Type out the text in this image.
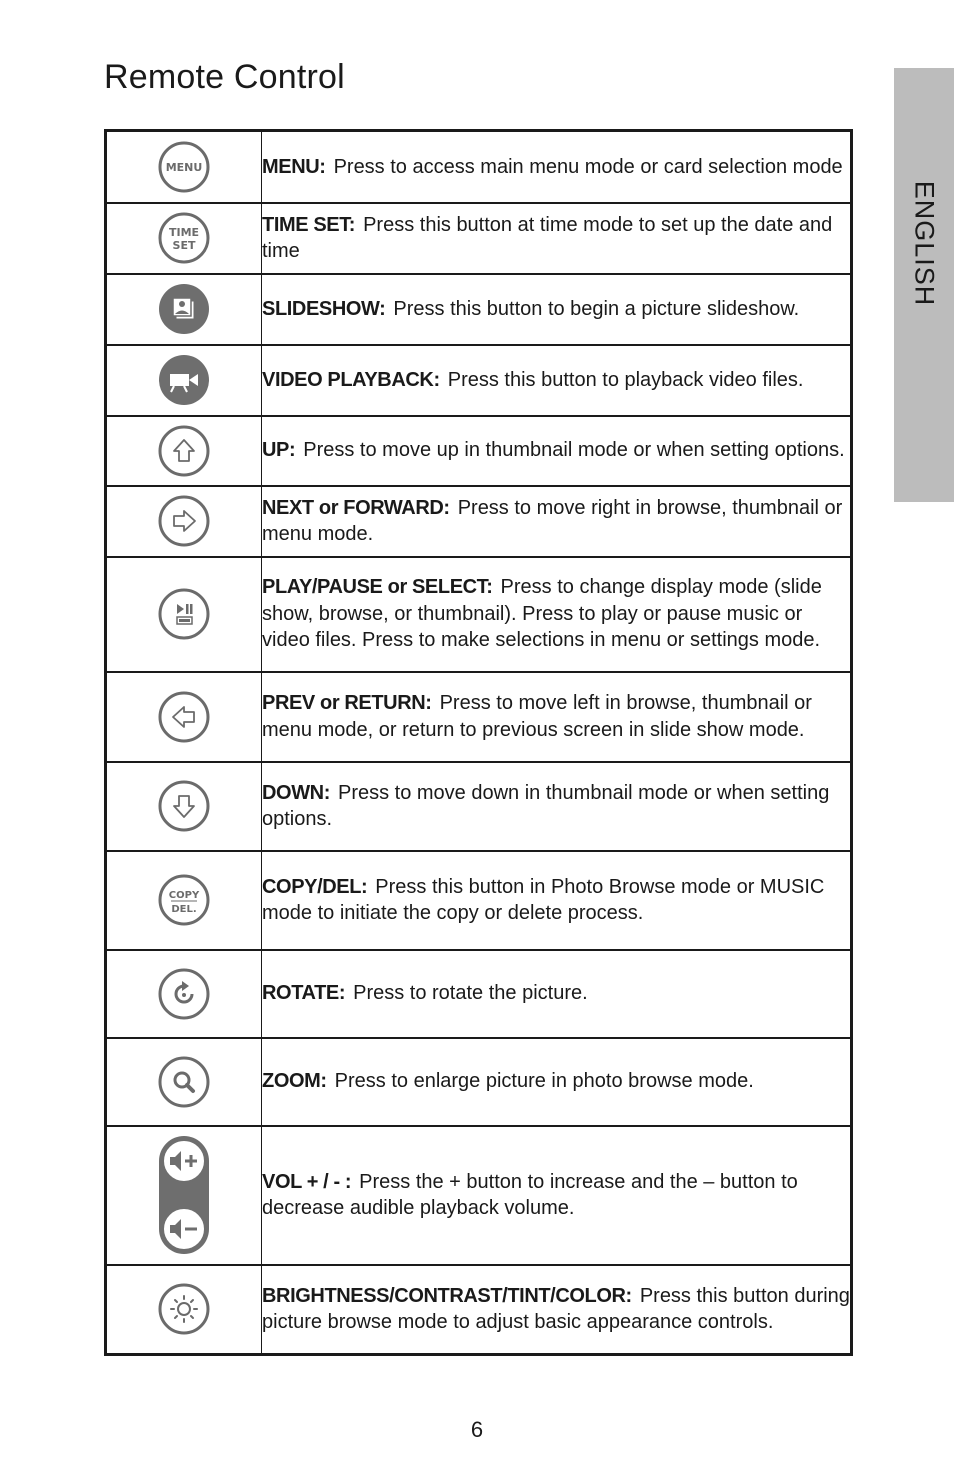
Remote Control
ENGLISH
MENU	MENU: Press to access main menu mode or card selection mode

TIME
SET	TIME SET: Press this button at time mode to set up the date and time

	SLIDESHOW: Press this button to begin a picture slideshow.

	VIDEO PLAYBACK: Press this button to playback video files.

	UP: Press to move up in thumbnail mode or when setting options.

	NEXT or FORWARD: Press to move right in browse, thumbnail or menu mode.

	PLAY/PAUSE or SELECT: Press to change display mode (slide show, browse, or thumbnail). Press to play or pause music or video files. Press to make selections in menu or settings mode.

	PREV or RETURN: Press to move left in browse, thumbnail or menu mode, or return to previous screen in slide show mode.

	DOWN: Press to move down in thumbnail mode or when setting options.

COPY
DEL.	COPY/DEL: Press this button in Photo Browse mode or MUSIC mode to initiate the copy or delete process.

	ROTATE: Press to rotate the picture.

	ZOOM: Press to enlarge picture in photo browse mode.

	VOL + / - : Press the + button to increase and the – button to decrease audible playback volume.

	BRIGHTNESS/CONTRAST/TINT/COLOR: Press this button during picture browse mode to adjust basic appearance controls.
6
